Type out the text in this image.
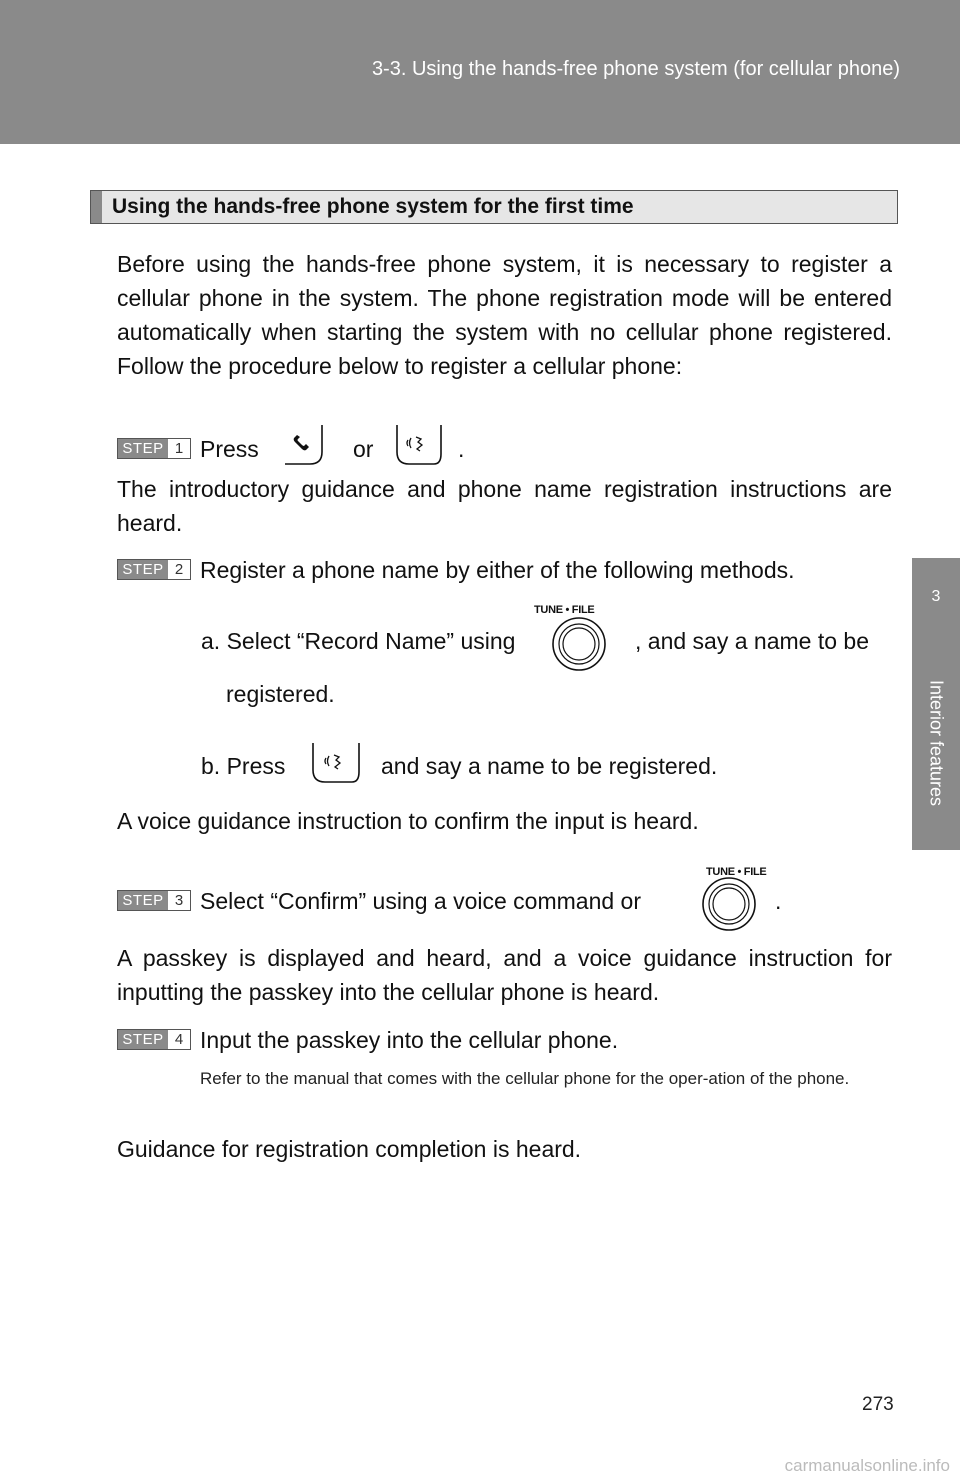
3-3. Using the hands-free phone system (for cellular phone)
3
Interior features
Using the hands-free phone system for the first time
Before using the hands-free phone system, it is necessary to register a cellular phone in the system. The phone registration mode will be entered automatically when starting the system with no cellular phone registered. Follow the procedure below to register a cellular phone:
STEP 1 Press	or	.
The introductory guidance and phone name registration instructions are heard.
STEP 2 Register a phone name by either of the following methods.
a. Select “Record Name” using
TUNE • FILE
, and say a name to be
registered.
b. Press	and say a name to be registered.
A voice guidance instruction to confirm the input is heard.
STEP 3 Select “Confirm” using a voice command or
TUNE • FILE
.
A passkey is displayed and heard, and a voice guidance instruction for inputting the passkey into the cellular phone is heard.
STEP 4 Input the passkey into the cellular phone.
Refer to the manual that comes with the cellular phone for the oper-ation of the phone.
Guidance for registration completion is heard.
273
carmanualsonline.info
